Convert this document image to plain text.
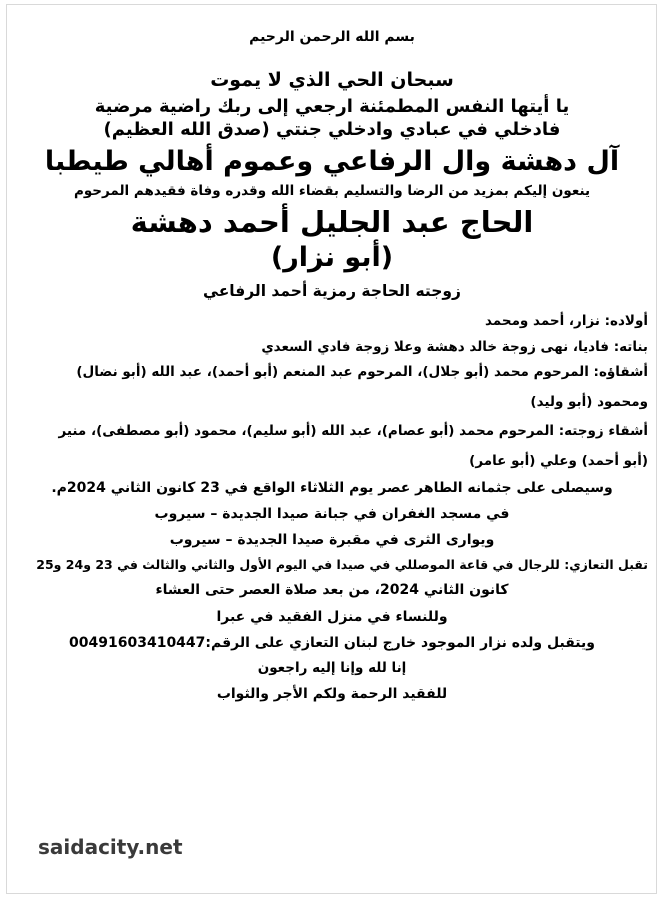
بسم الله الرحمن الرحيم
سبحان الحي الذي لا يموت
يا أيتها النفس المطمئنة ارجعي إلى ربك راضية مرضية
فادخلي في عبادي وادخلي جنتي (صدق الله العظيم)
آل دهشة وال الرفاعي وعموم أهالي طيطبا
ينعون إليكم بمزيد من الرضا والتسليم بقضاء الله وقدره وفاة فقيدهم المرحوم
الحاج عبد الجليل أحمد دهشة
(أبو نزار)
زوجته الحاجة رمزية أحمد الرفاعي
أولاده: نزار، أحمد ومحمد
بناته: فاديا، نهى زوجة خالد دهشة وعلا زوجة فادي السعدي
أشقاؤه: المرحوم محمد (أبو جلال)، المرحوم عبد المنعم (أبو أحمد)، عبد الله (أبو نضال)
ومحمود (أبو وليد)
أشقاء زوجته: المرحوم محمد (أبو عصام)، عبد الله (أبو سليم)، محمود (أبو مصطفى)، منير
(أبو أحمد) وعلي (أبو عامر)
وسيصلى على جثمانه الطاهر عصر يوم الثلاثاء الواقع في 23 كانون الثاني 2024م.
في مسجد الغفران في جبانة صيدا الجديدة – سيروب
ويوارى الثرى في مقبرة صيدا الجديدة – سيروب
تقبل التعازي: للرجال في قاعة الموصللي في صيدا في اليوم الأول والثاني والثالث في 23 و24 و25
كانون الثاني 2024، من بعد صلاة العصر حتى العشاء
وللنساء في منزل الفقيد في عبرا
ويتقبل ولده نزار الموجود خارج لبنان التعازي على الرقم:00491603410447
إنا لله وإنا إليه راجعون
للفقيد الرحمة ولكم الأجر والثواب
saidacity.net
